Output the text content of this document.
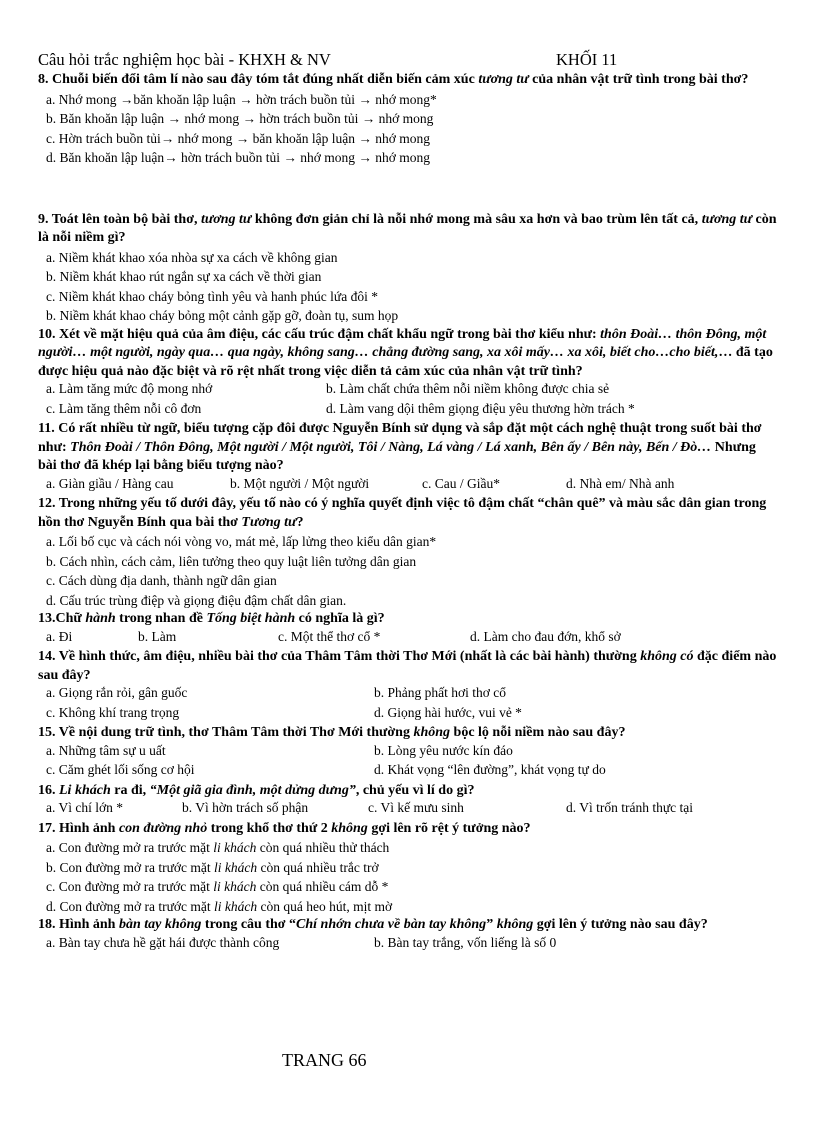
Câu hỏi trắc nghiệm học bài - KHXH & NV	KHỐI 11

8. Chuỗi biến đổi tâm lí nào sau đây tóm tắt đúng nhất diễn biến cảm xúc tương tư của nhân vật trữ tình trong bài thơ?

a. Nhớ mong →băn khoăn lập luận → hờn trách buồn tủi → nhớ mong*
b. Băn khoăn lập luận → nhớ mong → hờn trách buồn tủi → nhớ mong
c. Hờn trách buồn tủi→ nhớ mong → băn khoăn lập luận → nhớ mong
d. Băn khoăn lập luận→ hờn trách buồn tủi → nhớ mong → nhớ mong

9. Toát lên toàn bộ bài thơ, tương tư không đơn giản chỉ là nỗi nhớ mong mà sâu xa hơn và bao trùm lên tất cả, tương tư còn là nỗi niềm gì?

a. Niềm khát khao xóa nhòa sự xa cách về không gian
b. Niềm khát khao rút ngắn sự xa cách về thời gian
c. Niềm khát khao cháy bỏng tình yêu và hanh phúc lứa đôi *
b. Niềm khát khao cháy bỏng một cảnh gặp gỡ, đoàn tụ, sum họp

10. Xét về mặt hiệu quả của âm điệu, các cấu trúc đậm chất khẩu ngữ trong bài thơ kiểu như: thôn Đoài… thôn Đông, một người… một người, ngày qua… qua ngày, không sang… chẳng đường sang, xa xôi mấy… xa xôi, biết cho…cho biết,… đã tạo được hiệu quả nào đặc biệt và rõ rệt nhất trong việc diễn tả cảm xúc của nhân vật trữ tình?

a. Làm tăng mức độ mong nhớ	b. Làm chất chứa thêm nỗi niềm không được chia sẻ
c. Làm tăng thêm nỗi cô đơn	d. Làm vang dội thêm giọng điệu yêu thương hờn trách *

11. Có rất nhiều từ ngữ, biểu tượng cặp đôi được Nguyễn Bính sử dụng và sắp đặt một cách nghệ thuật trong suốt bài thơ như: Thôn Đoài / Thôn Đông, Một người / Một người, Tôi / Nàng, Lá vàng / Lá xanh, Bên ấy / Bên này, Bến / Đò… Nhưng bài thơ đã khép lại bằng biểu tượng nào?

a. Giàn giầu / Hàng cau	b. Một người / Một người	c. Cau / Giầu*	d. Nhà em/ Nhà anh

12. Trong những yếu tố dưới đây, yếu tố nào có ý nghĩa quyết định việc tô đậm chất “chân quê” và màu sắc dân gian trong hồn thơ Nguyễn Bính qua bài thơ Tương tư?

a. Lối bố cục và cách nói vòng vo, mát mẻ, lấp lửng theo kiểu dân gian*
b. Cách nhìn, cách cảm, liên tưởng theo quy luật liên tưởng dân gian
c. Cách dùng địa danh, thành ngữ dân gian
d. Cấu trúc trùng điệp và giọng điệu đậm chất dân gian.

13.Chữ hành trong nhan đề Tống biệt hành có nghĩa là gì?

a. Đi	b. Làm	c. Một thể thơ cổ *	d. Làm cho đau đớn, khổ sở

14. Về hình thức, âm điệu, nhiều bài thơ của Thâm Tâm thời Thơ Mới (nhất là các bài hành) thường không có đặc điểm nào sau đây?

a. Giọng rắn rỏi, gân guốc	b. Phảng phất hơi thơ cổ
c. Không khí trang trọng	d. Giọng hài hước, vui vẻ *

15. Về nội dung trữ tình, thơ Thâm Tâm thời Thơ Mới thường không bộc lộ nỗi niềm nào sau đây?

a. Những tâm sự u uất	b. Lòng yêu nước kín đáo
c. Căm ghét lối sống cơ hội	d. Khát vọng “lên đường”, khát vọng tự do

16. Li khách ra đi, “Một giã gia đình, một dửng dưng”, chủ yếu vì lí do gì?

a. Vì chí lớn *	b. Vì hờn trách số phận	c. Vì kế mưu sinh	d. Vì trốn tránh thực tại

17. Hình ảnh con đường nhỏ trong khổ thơ thứ 2 không gợi lên rõ rệt ý tưởng nào?

a. Con đường mở ra trước mặt li khách còn quá nhiều thử thách
b. Con đường mở ra trước mặt li khách còn quá nhiều trắc trở
c. Con đường mở ra trước mặt li khách còn quá nhiều cám dỗ *
d. Con đường mở ra trước mặt li khách còn quá heo hút, mịt mờ

18. Hình ảnh bàn tay không trong câu thơ “Chí nhớn chưa về bàn tay không” không gợi lên ý tưởng nào sau đây?

a. Bàn tay chưa hề gặt hái được thành công	b. Bàn tay trắng, vốn liếng là số 0
TRANG 66
